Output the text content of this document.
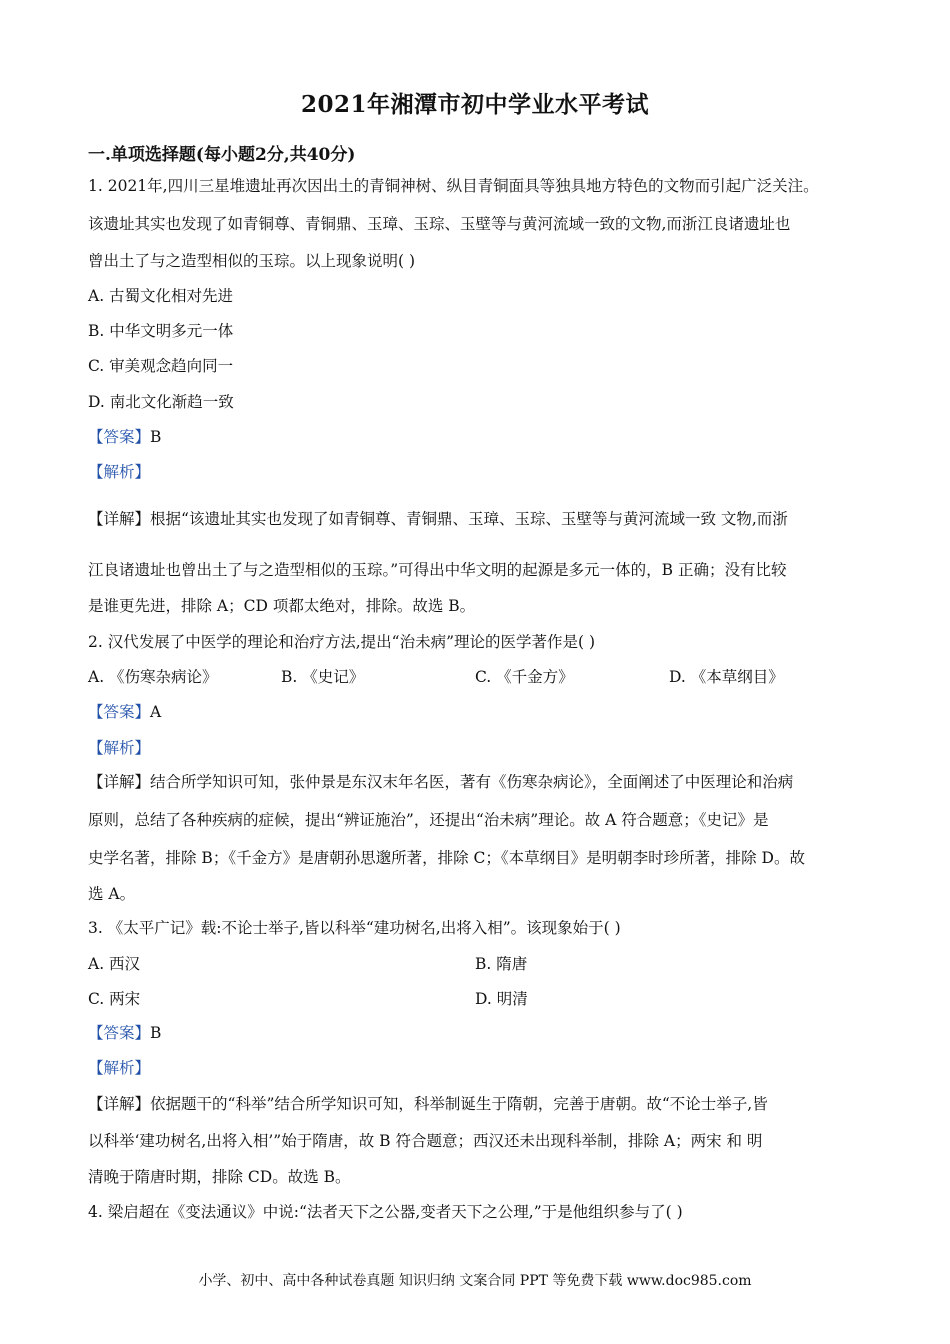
2021年湘潭市初中学业水平考试
一.单项选择题(每小题2分,共40分)
1. 2021年,四川三星堆遗址再次因出土的青铜神树、纵目青铜面具等独具地方特色的文物而引起广泛关注。
该遗址其实也发现了如青铜尊、青铜鼎、玉璋、玉琮、玉壁等与黄河流域一致的文物,而浙江良诸遗址也
曾出土了与之造型相似的玉琮。以上现象说明( )
A. 古蜀文化相对先进
B. 中华文明多元一体
C. 审美观念趋向同一
D. 南北文化渐趋一致
【答案】B
【解析】
【详解】根据“该遗址其实也发现了如青铜尊、青铜鼎、玉璋、玉琮、玉壁等与黄河流域一致 文物,而浙
江良诸遗址也曾出土了与之造型相似的玉琮。”可得出中华文明的起源是多元一体的，B 正确；没有比较
是谁更先进，排除 A；CD 项都太绝对，排除。故选 B。
2. 汉代发展了中医学的理论和治疗方法,提出“治未病”理论的医学著作是( )
A. 《伤寒杂病论》	B. 《史记》	C. 《千金方》	D. 《本草纲目》
【答案】A
【解析】
【详解】结合所学知识可知，张仲景是东汉末年名医，著有《伤寒杂病论》，全面阐述了中医理论和治病
原则，总结了各种疾病的症候，提出“辨证施治”，还提出“治未病”理论。故 A 符合题意；《史记》是
史学名著，排除 B；《千金方》是唐朝孙思邈所著，排除 C；《本草纲目》是明朝李时珍所著，排除 D。故
选 A。
3. 《太平广记》载:不论士举子,皆以科举“建功树名,出将入相”。该现象始于( )
A. 西汉	B. 隋唐
C. 两宋	D. 明清
【答案】B
【解析】
【详解】依据题干的“科举”结合所学知识可知，科举制诞生于隋朝，完善于唐朝。故“不论士举子,皆
以科举‘建功树名,出将入相’”始于隋唐，故 B 符合题意；西汉还未出现科举制，排除 A；两宋 和 明
清晚于隋唐时期，排除 CD。故选 B。
4. 梁启超在《变法通议》中说:“法者天下之公器,变者天下之公理,”于是他组织参与了( )
小学、初中、高中各种试卷真题 知识归纳 文案合同 PPT 等免费下载 www.doc985.com
